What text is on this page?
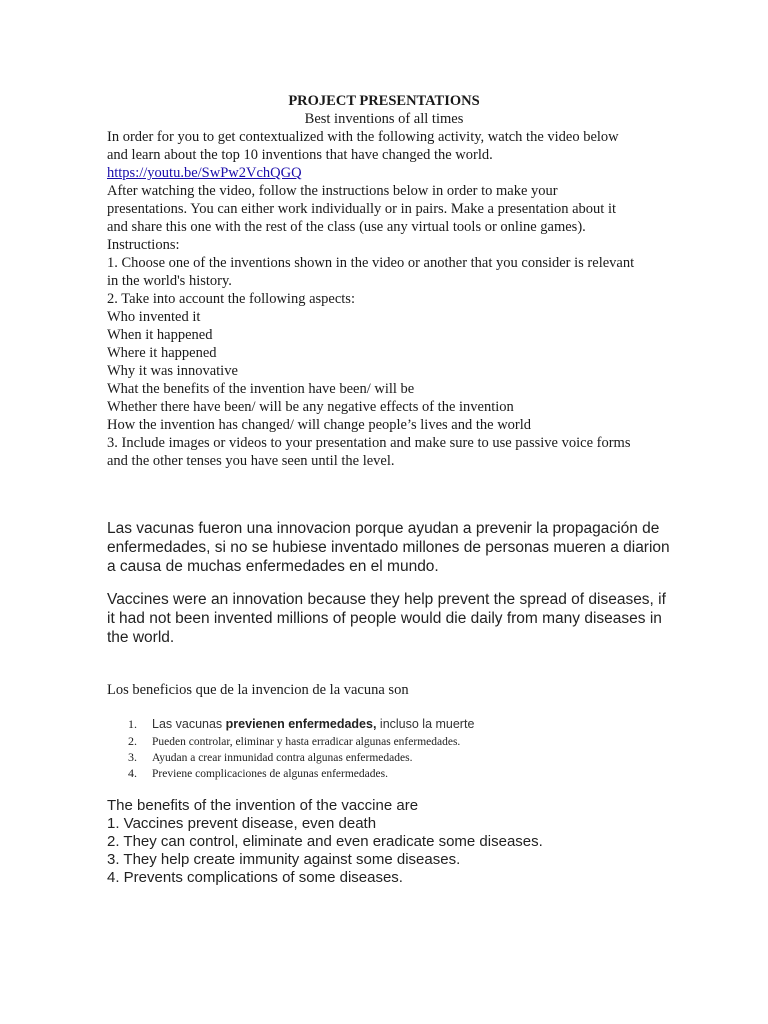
PROJECT PRESENTATIONS
Best inventions of all times
In order for you to get contextualized with the following activity, watch the video below
and learn about the top 10 inventions that have changed the world.
https://youtu.be/SwPw2VchQGQ
After watching the video, follow the instructions below in order to make your
presentations. You can either work individually or in pairs. Make a presentation about it
and share this one with the rest of the class (use any virtual tools or online games).
Instructions:
1. Choose one of the inventions shown in the video or another that you consider is relevant
in the world's history.
2. Take into account the following aspects:
Who invented it
When it happened
Where it happened
Why it was innovative
What the benefits of the invention have been/ will be
Whether there have been/ will be any negative effects of the invention
How the invention has changed/ will change people’s lives and the world
3. Include images or videos to your presentation and make sure to use passive voice forms
and the other tenses you have seen until the level.
Las vacunas fueron una innovacion porque ayudan a prevenir la propagación de
enfermedades, si no se hubiese inventado millones de personas mueren a diarion
a causa de muchas enfermedades en el mundo.
Vaccines were an innovation because they help prevent the spread of diseases, if
it had not been invented millions of people would die daily from many diseases in
the world.
Los beneficios que de la invencion de la vacuna son
1. Las vacunas previenen enfermedades, incluso la muerte
2. Pueden controlar, eliminar y hasta erradicar algunas enfermedades.
3. Ayudan a crear inmunidad contra algunas enfermedades.
4. Previene complicaciones de algunas enfermedades.
The benefits of the invention of the vaccine are
1. Vaccines prevent disease, even death
2. They can control, eliminate and even eradicate some diseases.
3. They help create immunity against some diseases.
4. Prevents complications of some diseases.
